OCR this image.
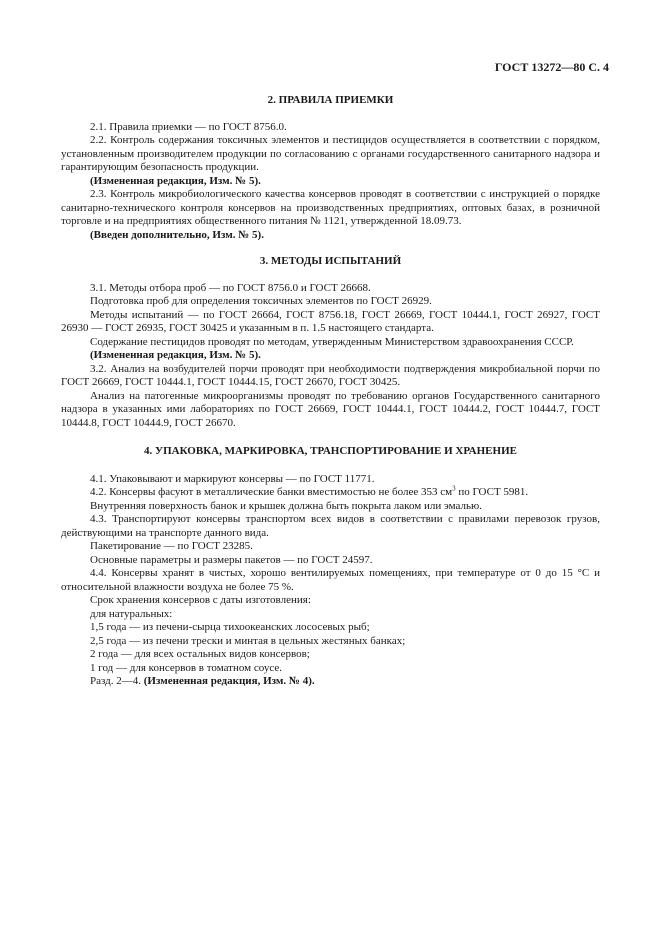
ГОСТ 13272—80 С. 4
2. ПРАВИЛА ПРИЕМКИ

2.1. Правила приемки — по ГОСТ 8756.0.

2.2. Контроль содержания токсичных элементов и пестицидов осуществляется в соответствии с порядком, установленным производителем продукции по согласованию с органами государственного санитарного надзора и гарантирующим безопасность продукции.

(Измененная редакция, Изм. № 5).

2.3. Контроль микробиологического качества консервов проводят в соответствии с инструкцией о порядке санитарно-технического контроля консервов на производственных предприятиях, оптовых базах, в розничной торговле и на предприятиях общественного питания № 1121, утвержденной 18.09.73.

(Введен дополнительно, Изм. № 5).

3. МЕТОДЫ ИСПЫТАНИЙ

3.1. Методы отбора проб — по ГОСТ 8756.0 и ГОСТ 26668.

Подготовка проб для определения токсичных элементов по ГОСТ 26929.

Методы испытаний — по ГОСТ 26664, ГОСТ 8756.18, ГОСТ 26669, ГОСТ 10444.1, ГОСТ 26927, ГОСТ 26930 — ГОСТ 26935, ГОСТ 30425 и указанным в п. 1.5 настоящего стандарта.

Содержание пестицидов проводят по методам, утвержденным Министерством здравоохранения СССР.

(Измененная редакция, Изм. № 5).

3.2. Анализ на возбудителей порчи проводят при необходимости подтверждения микробиальной порчи по ГОСТ 26669, ГОСТ 10444.1, ГОСТ 10444.15, ГОСТ 26670, ГОСТ 30425.

Анализ на патогенные микроорганизмы проводят по требованию органов Государственного санитарного надзора в указанных ими лабораториях по ГОСТ 26669, ГОСТ 10444.1, ГОСТ 10444.2, ГОСТ 10444.7, ГОСТ 10444.8, ГОСТ 10444.9, ГОСТ 26670.

4. УПАКОВКА, МАРКИРОВКА, ТРАНСПОРТИРОВАНИЕ И ХРАНЕНИЕ

4.1. Упаковывают и маркируют консервы — по ГОСТ 11771.

4.2. Консервы фасуют в металлические банки вместимостью не более 353 $см^3$ по ГОСТ 5981.

Внутренняя поверхность банок и крышек должна быть покрыта лаком или эмалью.

4.3. Транспортируют консервы транспортом всех видов в соответствии с правилами перевозок грузов, действующими на транспорте данного вида.

Пакетирование — по ГОСТ 23285.

Основные параметры и размеры пакетов — по ГОСТ 24597.

4.4. Консервы хранят в чистых, хорошо вентилируемых помещениях, при температуре от 0 до 15 °С и относительной влажности воздуха не более 75 %.

Срок хранения консервов с даты изготовления:

для натуральных:

1,5 года — из печени-сырца тихоокеанских лососевых рыб;

2,5 года — из печени трески и минтая в цельных жестяных банках;

2 года — для всех остальных видов консервов;

1 год — для консервов в томатном соусе.

Разд. 2—4. (Измененная редакция, Изм. № 4).
